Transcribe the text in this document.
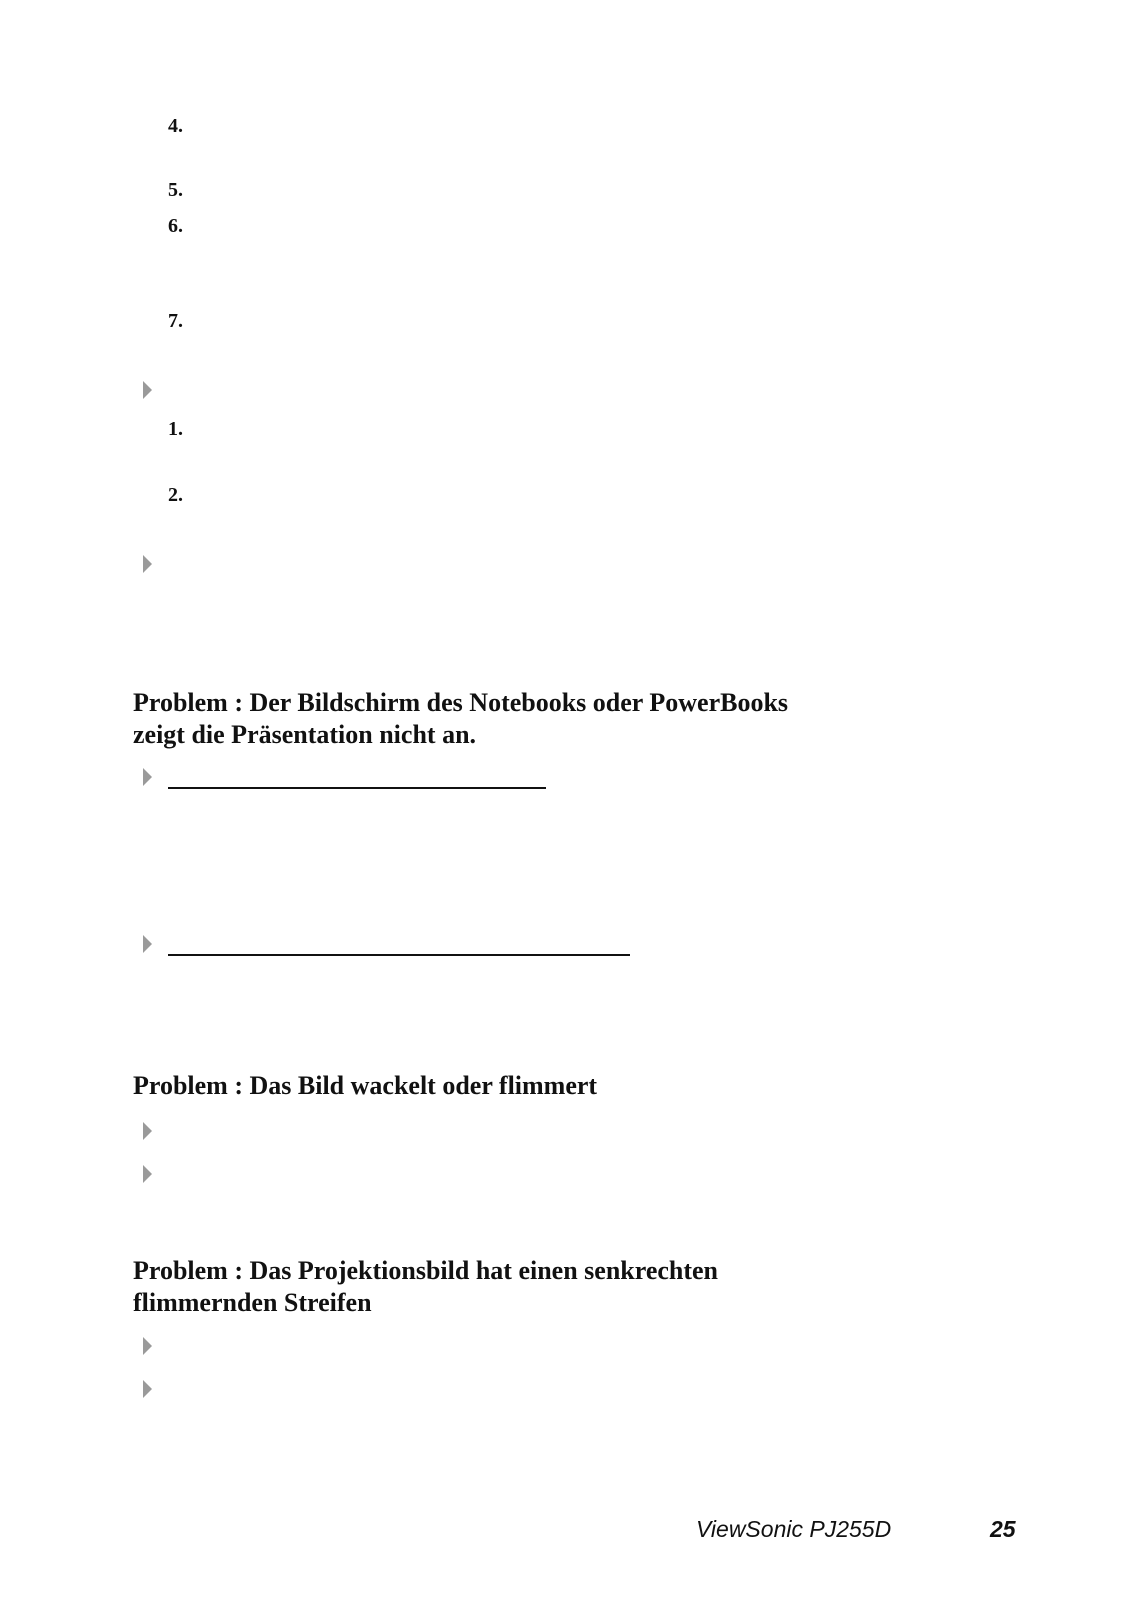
4.
5.
6.
7.
1.
2.
Problem : Der Bildschirm des Notebooks oder PowerBooks
zeigt die Präsentation nicht an.
Problem : Das Bild wackelt oder flimmert
Problem : Das Projektionsbild hat einen senkrechten
flimmernden Streifen
ViewSonic PJ255D	25
